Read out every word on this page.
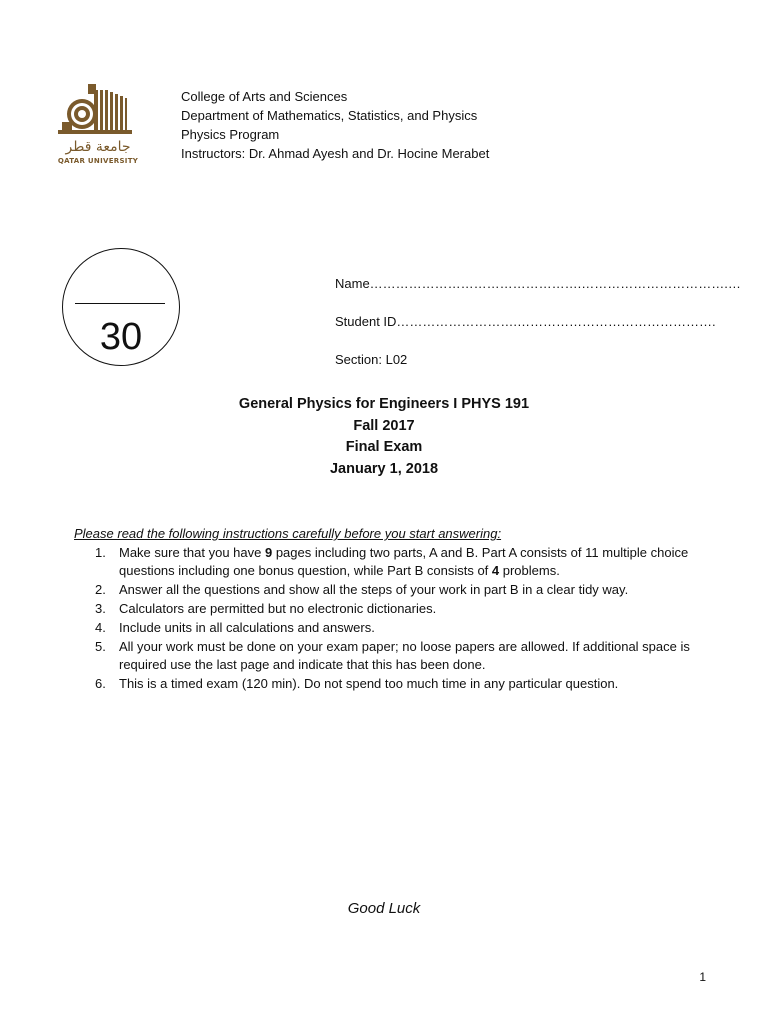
جامعة قطر
QATAR UNIVERSITY
College of Arts and Sciences
Department of Mathematics, Statistics, and Physics
Physics Program
Instructors: Dr. Ahmad Ayesh and Dr. Hocine Merabet
30
Name………………………………………….…………………………….…
Student ID……………………….……………………………………….
Section: L02
General Physics for Engineers I PHYS 191
Fall 2017
Final Exam
January 1, 2018
Please read the following instructions carefully before you start answering:
1. Make sure that you have 9 pages including two parts, A and B. Part A consists of 11 multiple choice questions including one bonus question, while Part B consists of 4 problems.
2. Answer all the questions and show all the steps of your work in part B in a clear tidy way.
3. Calculators are permitted but no electronic dictionaries.
4. Include units in all calculations and answers.
5. All your work must be done on your exam paper; no loose papers are allowed. If additional space is required use the last page and indicate that this has been done.
6. This is a timed exam (120 min). Do not spend too much time in any particular question.
Good Luck
1
